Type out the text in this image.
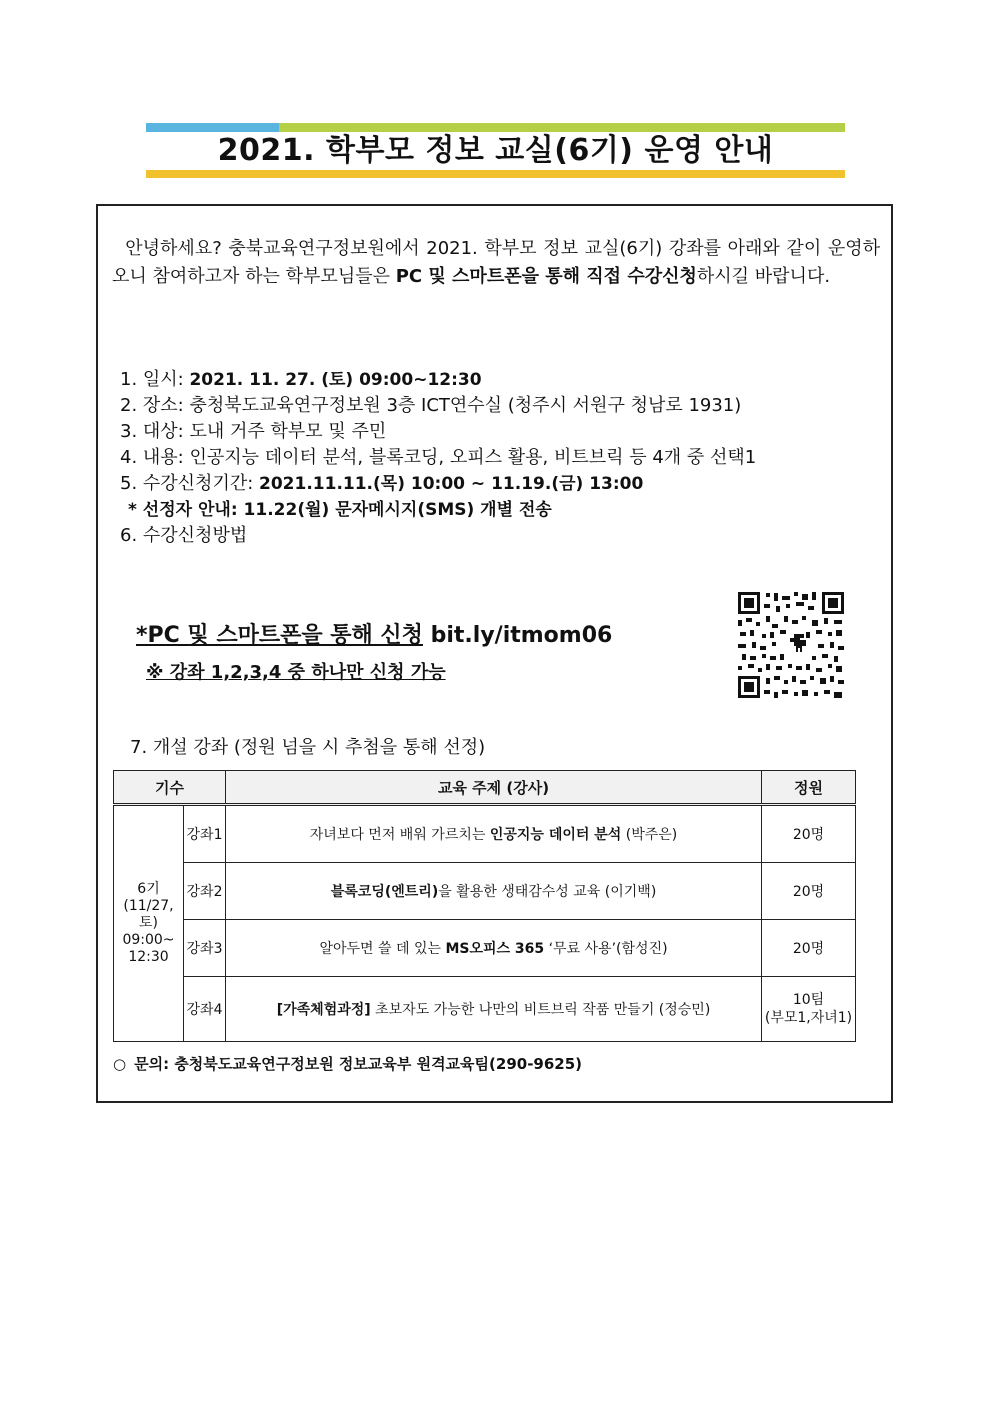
2021. 학부모 정보 교실(6기) 운영 안내
안녕하세요? 충북교육연구정보원에서 2021. 학부모 정보 교실(6기) 강좌를 아래와 같이 운영하오니 참여하고자 하는 학부모님들은 PC 및 스마트폰을 통해 직접 수강신청하시길 바랍니다.
1. 일시: 2021. 11. 27. (토) 09:00~12:30
2. 장소: 충청북도교육연구정보원 3층 ICT연수실 (청주시 서원구 청남로 1931)
3. 대상: 도내 거주 학부모 및 주민
4. 내용: 인공지능 데이터 분석, 블록코딩, 오피스 활용, 비트브릭 등 4개 중 선택1
5. 수강신청기간: 2021.11.11.(목) 10:00 ~ 11.19.(금) 13:00
* 선정자 안내: 11.22(월) 문자메시지(SMS) 개별 전송
6. 수강신청방법
*PC 및 스마트폰을 통해 신청 bit.ly/itmom06
※ 강좌 1,2,3,4 중 하나만 신청 가능
7. 개설 강좌 (정원 넘을 시 추첨을 통해 선정)
기수		교육 주제 (강사)	정원

6기
(11/27,토)
09:00~
12:30	강좌1	자녀보다 먼저 배워 가르치는 인공지능 데이터 분석 (박주은)	20명
	강좌2	블록코딩(엔트리)을 활용한 생태감수성 교육 (이기백)	20명
	강좌3	알아두면 쓸 데 있는 MS오피스 365 ‘무료 사용’(함성진)	20명
	강좌4	[가족체험과정] 초보자도 가능한 나만의 비트브릭 작품 만들기 (정승민)	10팀
(부모1,자녀1)
○ 문의: 충청북도교육연구정보원 정보교육부 원격교육팀(290-9625)
